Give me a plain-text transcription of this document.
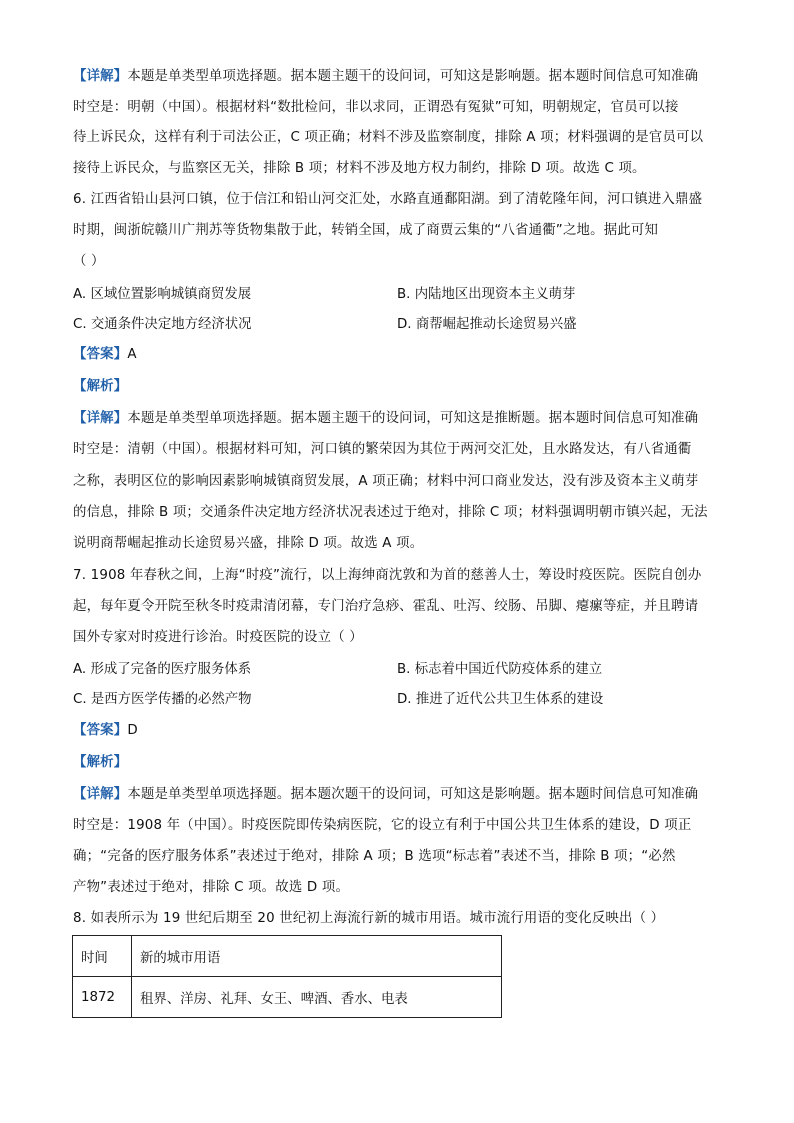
【详解】本题是单类型单项选择题。据本题主题干的设问词，可知这是影响题。据本题时间信息可知准确
时空是：明朝（中国）。根据材料“数批检问，非以求同，正谓恐有冤狱”可知，明朝规定，官员可以接
待上诉民众，这样有利于司法公正，C 项正确；材料不涉及监察制度，排除 A 项；材料强调的是官员可以
接待上诉民众，与监察区无关，排除 B 项；材料不涉及地方权力制约，排除 D 项。故选 C 项。
6. 江西省铅山县河口镇，位于信江和铅山河交汇处，水路直通鄱阳湖。到了清乾隆年间，河口镇进入鼎盛
时期，闽浙皖赣川广荆苏等货物集散于此，转销全国，成了商贾云集的“八省通衢”之地。据此可知
（ ）
A. 区域位置影响城镇商贸发展	B. 内陆地区出现资本主义萌芽
C. 交通条件决定地方经济状况	D. 商帮崛起推动长途贸易兴盛
【答案】A
【解析】
【详解】本题是单类型单项选择题。据本题主题干的设问词，可知这是推断题。据本题时间信息可知准确
时空是：清朝（中国）。根据材料可知，河口镇的繁荣因为其位于两河交汇处，且水路发达，有八省通衢
之称，表明区位的影响因素影响城镇商贸发展，A 项正确；材料中河口商业发达，没有涉及资本主义萌芽
的信息，排除 B 项；交通条件决定地方经济状况表述过于绝对，排除 C 项；材料强调明朝市镇兴起，无法
说明商帮崛起推动长途贸易兴盛，排除 D 项。故选 A 项。
7. 1908 年春秋之间，上海“时疫”流行，以上海绅商沈敦和为首的慈善人士，筹设时疫医院。医院自创办
起，每年夏令开院至秋冬时疫肃清闭幕，专门治疗急痧、霍乱、吐泻、绞肠、吊脚、瘪瘰等症，并且聘请
国外专家对时疫进行诊治。时疫医院的设立（ ）
A. 形成了完备的医疗服务体系	B. 标志着中国近代防疫体系的建立
C. 是西方医学传播的必然产物	D. 推进了近代公共卫生体系的建设
【答案】D
【解析】
【详解】本题是单类型单项选择题。据本题次题干的设问词，可知这是影响题。据本题时间信息可知准确
时空是：1908 年（中国）。时疫医院即传染病医院，它的设立有利于中国公共卫生体系的建设，D 项正
确；“完备的医疗服务体系”表述过于绝对，排除 A 项；B 选项“标志着”表述不当，排除 B 项；“必然
产物”表述过于绝对，排除 C 项。故选 D 项。
8. 如表所示为 19 世纪后期至 20 世纪初上海流行新的城市用语。城市流行用语的变化反映出（ ）
时间	新的城市用语
1872	租界、洋房、礼拜、女王、啤酒、香水、电表
